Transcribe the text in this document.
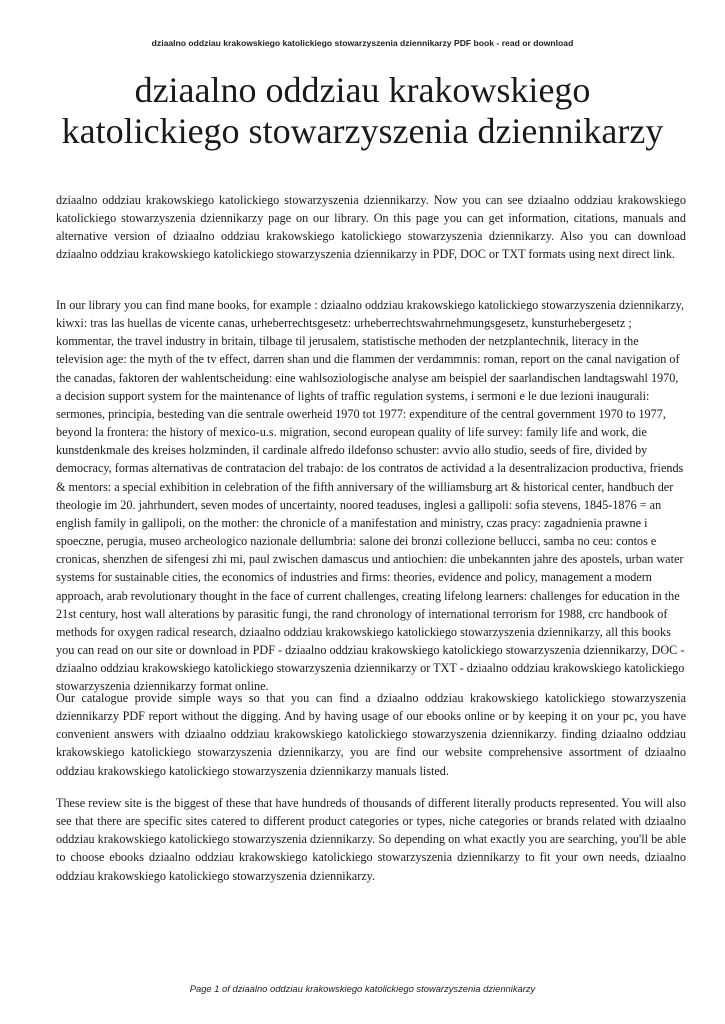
dziaalno oddziau krakowskiego katolickiego stowarzyszenia dziennikarzy PDF book - read or download
dziaalno oddziau krakowskiego
katolickiego stowarzyszenia dziennikarzy

dziaalno oddziau krakowskiego katolickiego stowarzyszenia dziennikarzy. Now you can see dziaalno oddziau krakowskiego katolickiego stowarzyszenia dziennikarzy page on our library. On this page you can get information, citations, manuals and alternative version of dziaalno oddziau krakowskiego katolickiego stowarzyszenia dziennikarzy. Also you can download dziaalno oddziau krakowskiego katolickiego stowarzyszenia dziennikarzy in PDF, DOC or TXT formats using next direct link.

In our library you can find mane books, for example : dziaalno oddziau krakowskiego katolickiego stowarzyszenia dziennikarzy, kiwxi: tras las huellas de vicente canas, urheberrechtsgesetz: urheberrechtswahrnehmungsgesetz, kunsturhebergesetz ; kommentar, the travel industry in britain, tilbage til jerusalem, statistische methoden der netzplantechnik, literacy in the television age: the myth of the tv effect, darren shan und die flammen der verdammnis: roman, report on the canal navigation of the canadas, faktoren der wahlentscheidung: eine wahlsoziologische analyse am beispiel der saarlandischen landtagswahl 1970, a decision support system for the maintenance of lights of traffic regulation systems, i sermoni e le due lezioni inaugurali: sermones, principia, besteding van die sentrale owerheid 1970 tot 1977: expenditure of the central government 1970 to 1977, beyond la frontera: the history of mexico-u.s. migration, second european quality of life survey: family life and work, die kunstdenkmale des kreises holzminden, il cardinale alfredo ildefonso schuster: avvio allo studio, seeds of fire, divided by democracy, formas alternativas de contratacion del trabajo: de los contratos de actividad a la desentralizacion productiva, friends & mentors: a special exhibition in celebration of the fifth anniversary of the williamsburg art & historical center, handbuch der theologie im 20. jahrhundert, seven modes of uncertainty, noored teaduses, inglesi a gallipoli: sofia stevens, 1845-1876 = an english family in gallipoli, on the mother: the chronicle of a manifestation and ministry, czas pracy: zagadnienia prawne i spoeczne, perugia, museo archeologico nazionale dellumbria: salone dei bronzi collezione bellucci, samba no ceu: contos e cronicas, shenzhen de sifengesi zhi mi, paul zwischen damascus und antiochien: die unbekannten jahre des apostels, urban water systems for sustainable cities, the economics of industries and firms: theories, evidence and policy, management a modern approach, arab revolutionary thought in the face of current challenges, creating lifelong learners: challenges for education in the 21st century, host wall alterations by parasitic fungi, the rand chronology of international terrorism for 1988, crc handbook of methods for oxygen radical research, dziaalno oddziau krakowskiego katolickiego stowarzyszenia dziennikarzy, all this books you can read on our site or download in PDF - dziaalno oddziau krakowskiego katolickiego stowarzyszenia dziennikarzy, DOC - dziaalno oddziau krakowskiego katolickiego stowarzyszenia dziennikarzy or TXT - dziaalno oddziau krakowskiego katolickiego stowarzyszenia dziennikarzy format online.

Our catalogue provide simple ways so that you can find a dziaalno oddziau krakowskiego katolickiego stowarzyszenia dziennikarzy PDF report without the digging. And by having usage of our ebooks online or by keeping it on your pc, you have convenient answers with dziaalno oddziau krakowskiego katolickiego stowarzyszenia dziennikarzy. finding dziaalno oddziau krakowskiego katolickiego stowarzyszenia dziennikarzy, you are find our website comprehensive assortment of dziaalno oddziau krakowskiego katolickiego stowarzyszenia dziennikarzy manuals listed.

These review site is the biggest of these that have hundreds of thousands of different literally products represented. You will also see that there are specific sites catered to different product categories or types, niche categories or brands related with dziaalno oddziau krakowskiego katolickiego stowarzyszenia dziennikarzy. So depending on what exactly you are searching, you'll be able to choose ebooks dziaalno oddziau krakowskiego katolickiego stowarzyszenia dziennikarzy to fit your own needs, dziaalno oddziau krakowskiego katolickiego stowarzyszenia dziennikarzy.

Page 1 of dziaalno oddziau krakowskiego katolickiego stowarzyszenia dziennikarzy
